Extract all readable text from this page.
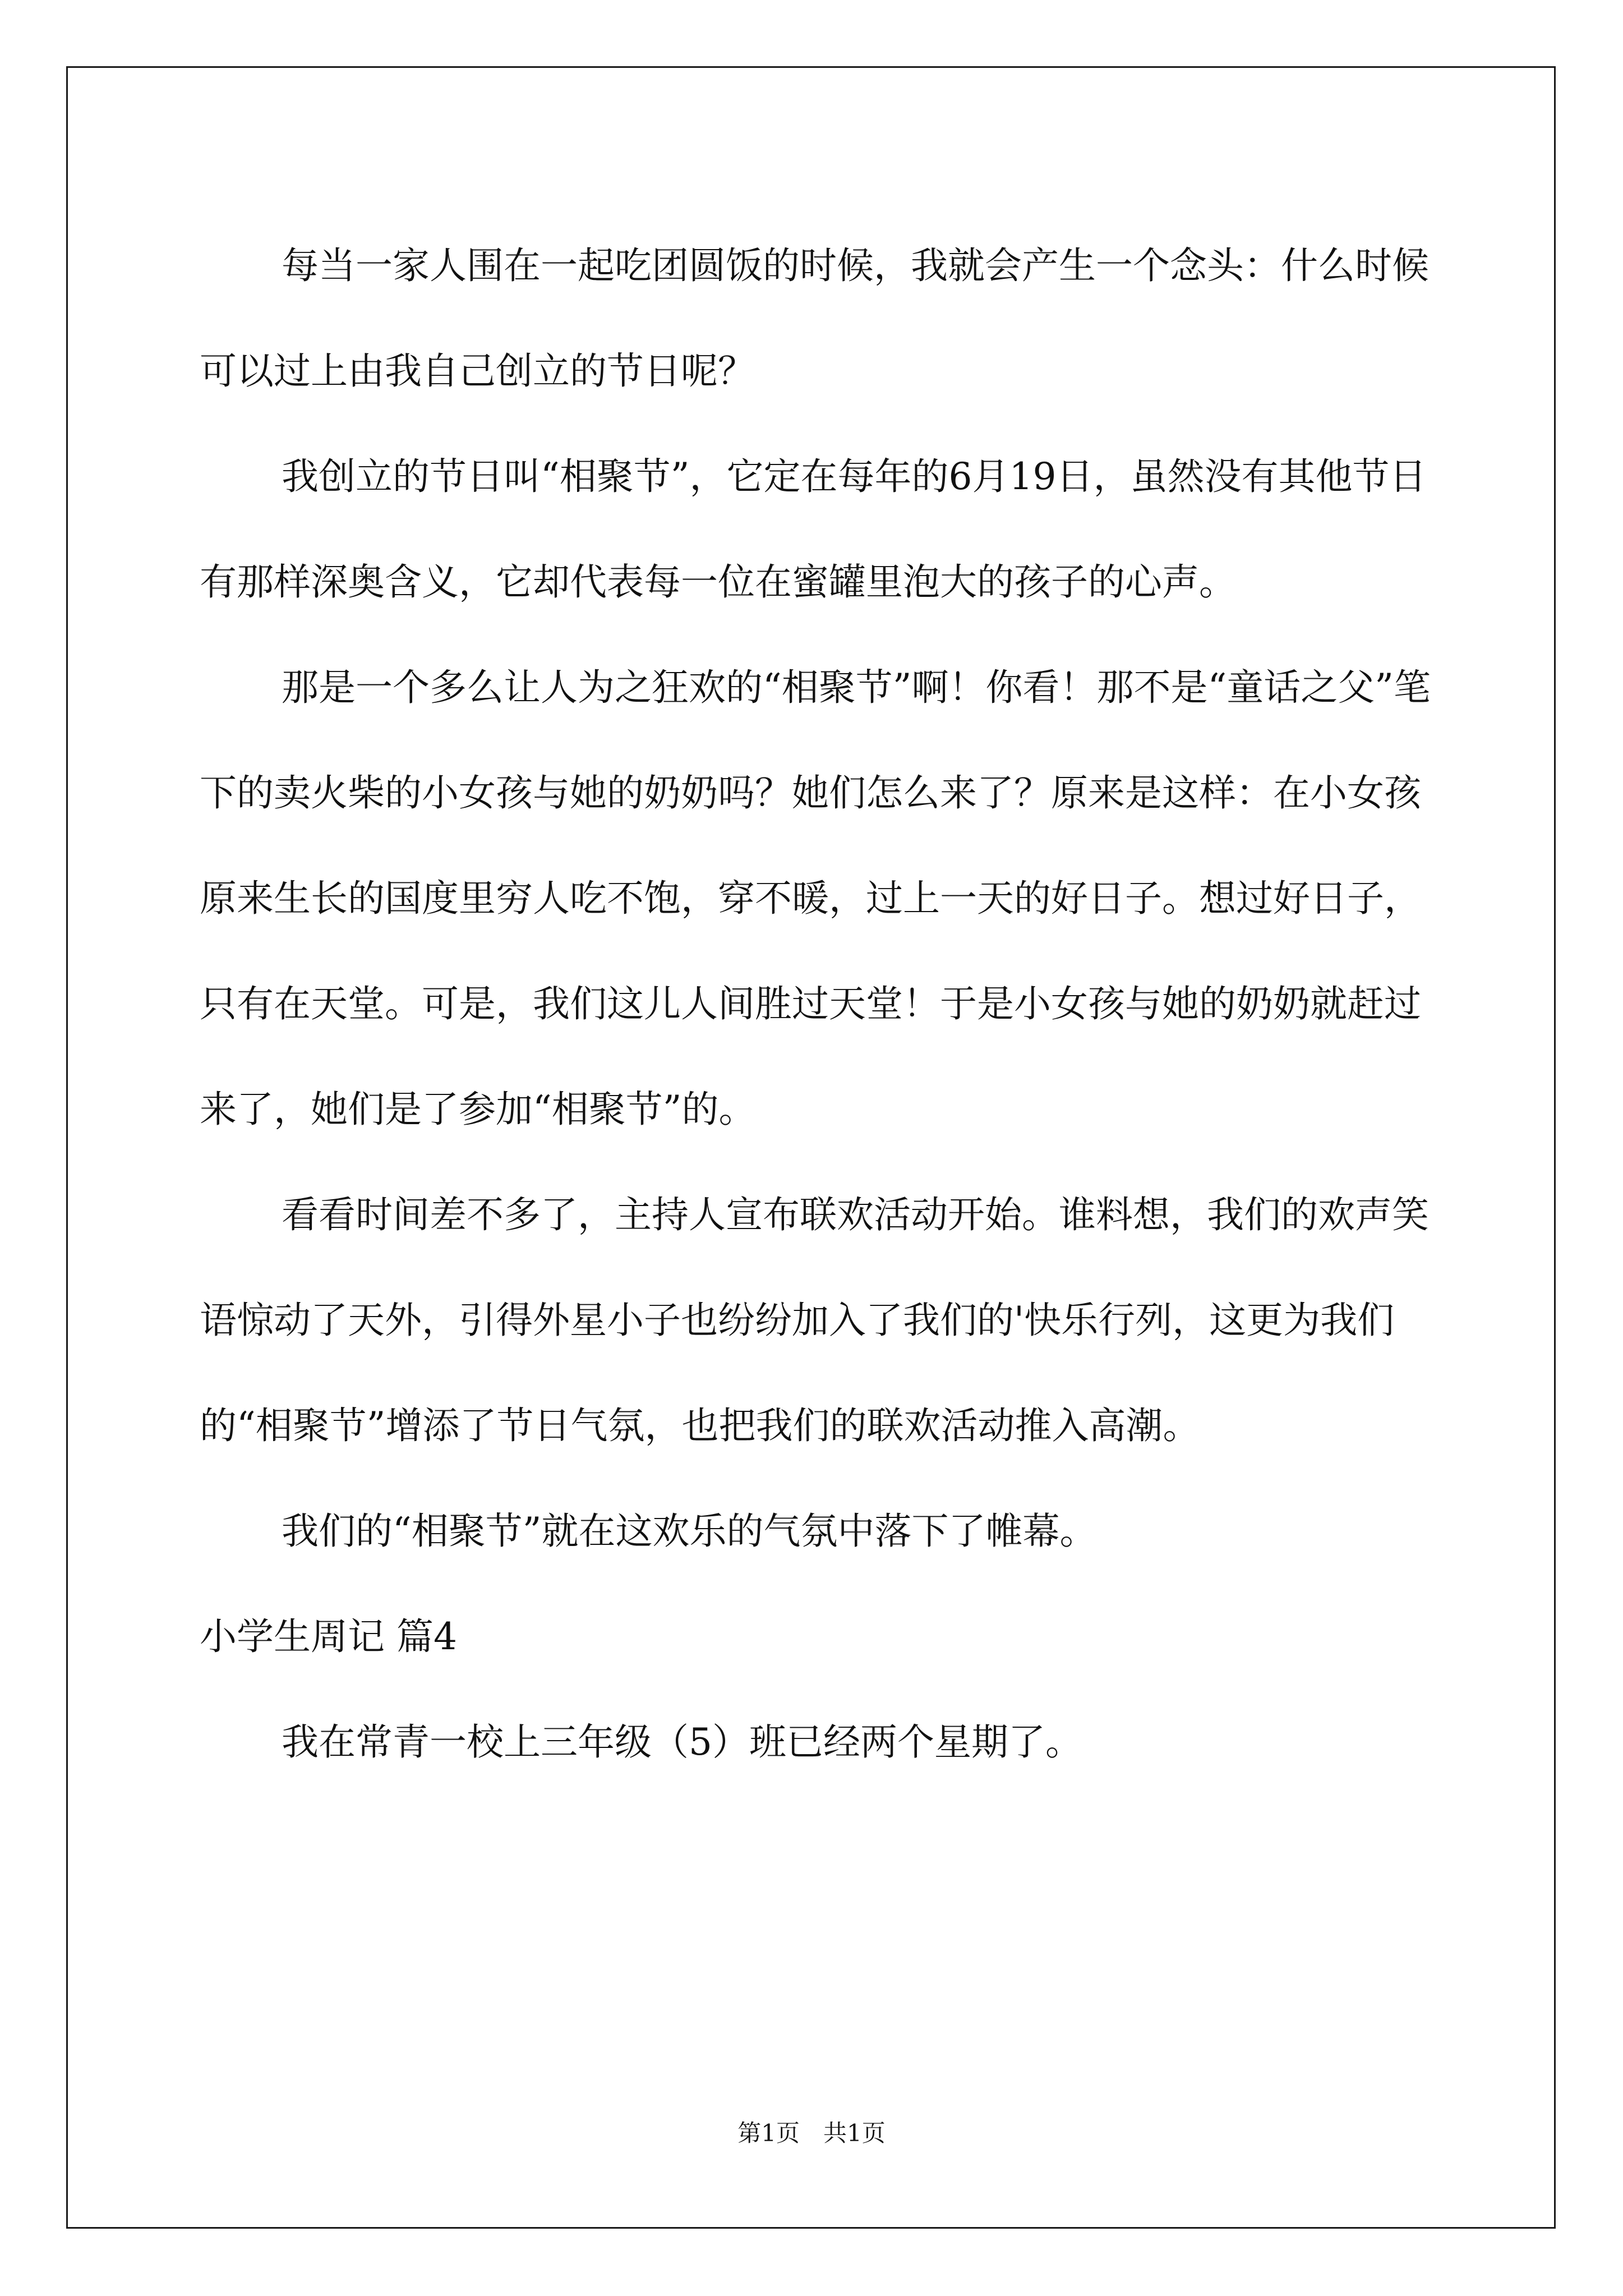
每当一家人围在一起吃团圆饭的时候，我就会产生一个念头：什么时候可以过上由我自己创立的节日呢？

我创立的节日叫“相聚节”，它定在每年的6月19日，虽然没有其他节日有那样深奥含义，它却代表每一位在蜜罐里泡大的孩子的心声。

那是一个多么让人为之狂欢的“相聚节”啊！你看！那不是“童话之父”笔下的卖火柴的小女孩与她的奶奶吗？她们怎么来了？原来是这样：在小女孩原来生长的国度里穷人吃不饱，穿不暖，过上一天的好日子。想过好日子，只有在天堂。可是，我们这儿人间胜过天堂！于是小女孩与她的奶奶就赶过来了，她们是了参加“相聚节”的。

看看时间差不多了，主持人宣布联欢活动开始。谁料想，我们的欢声笑语惊动了天外，引得外星小子也纷纷加入了我们的'快乐行列，这更为我们的“相聚节”增添了节日气氛，也把我们的联欢活动推入高潮。

我们的“相聚节”就在这欢乐的气氛中落下了帷幕。

小学生周记 篇4

我在常青一校上三年级（5）班已经两个星期了。

第1页　共1页
